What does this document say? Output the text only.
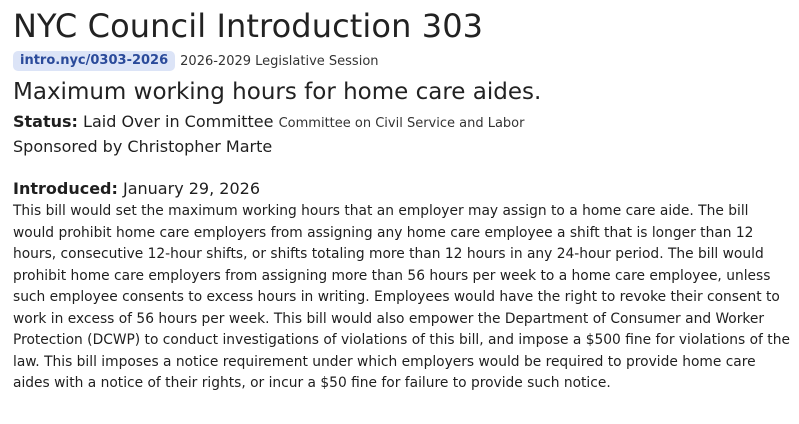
NYC Council Introduction 303
intro.nyc/0303-2026 2026-2029 Legislative Session
Maximum working hours for home care aides.
Status: Laid Over in Committee Committee on Civil Service and Labor
Sponsored by Christopher Marte
Introduced: January 29, 2026

This bill would set the maximum working hours that an employer may assign to a home care aide. The bill would prohibit home care employers from assigning any home care employee a shift that is longer than 12 hours, consecutive 12-hour shifts, or shifts totaling more than 12 hours in any 24-hour period. The bill would prohibit home care employers from assigning more than 56 hours per week to a home care employee, unless such employee consents to excess hours in writing. Employees would have the right to revoke their consent to work in excess of 56 hours per week. This bill would also empower the Department of Consumer and Worker Protection (DCWP) to conduct investigations of violations of this bill, and impose a $500 fine for violations of the law. This bill imposes a notice requirement under which employers would be required to provide home care aides with a notice of their rights, or incur a $50 fine for failure to provide such notice.
